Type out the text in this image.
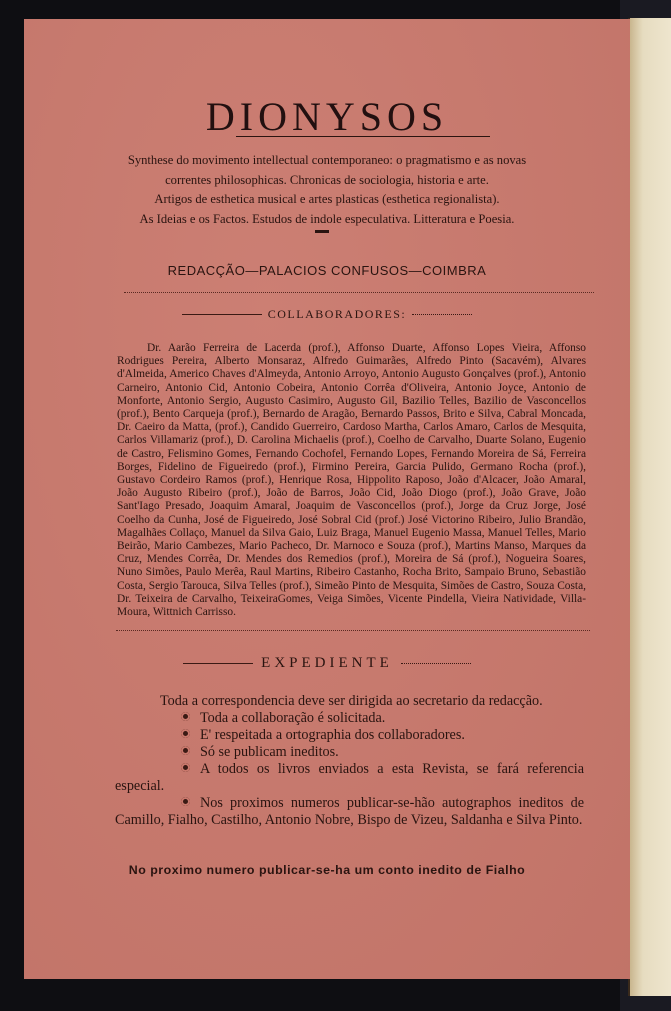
DIONYSOS
Synthese do movimento intellectual contemporaneo: o pragmatismo e as novas
correntes philosophicas. Chronicas de sociologia, historia e arte.
Artigos de esthetica musical e artes plasticas (esthetica regionalista).
As Ideias e os Factos. Estudos de indole especulativa. Litteratura e Poesia.
REDACÇÃO—PALACIOS CONFUSOS—COIMBRA
COLLABORADORES:

Dr. Aarão Ferreira de Lacerda (prof.), Affonso Duarte, Affonso Lopes Vieira, Affonso Rodrigues Pereira, Alberto Monsaraz, Alfredo Guimarães, Alfredo Pinto (Sacavém), Alvares d'Almeida, Americo Chaves d'Almeyda, Antonio Arroyo, Antonio Augusto Gonçalves (prof.), Antonio Carneiro, Antonio Cid, Antonio Cobeira, Antonio Corrêa d'Oliveira, Antonio Joyce, Antonio de Monforte, Antonio Sergio, Augusto Casimiro, Augusto Gil, Bazilio Telles, Bazilio de Vasconcellos (prof.), Bento Carqueja (prof.), Bernardo de Aragão, Bernardo Passos, Brito e Silva, Cabral Moncada, Dr. Caeiro da Matta, (prof.), Candido Guerreiro, Cardoso Martha, Carlos Amaro, Carlos de Mesquita, Carlos Villamariz (prof.), D. Carolina Michaelis (prof.), Coelho de Carvalho, Duarte Solano, Eugenio de Castro, Felismino Gomes, Fernando Cochofel, Fernando Lopes, Fernando Moreira de Sá, Ferreira Borges, Fidelino de Figueiredo (prof.), Firmino Pereira, Garcia Pulido, Germano Rocha (prof.), Gustavo Cordeiro Ramos (prof.), Henrique Rosa, Hippolito Raposo, João d'Alcacer, João Amaral, João Augusto Ribeiro (prof.), João de Barros, João Cid, João Diogo (prof.), João Grave, João Sant'Iago Presado, Joaquim Amaral, Joaquim de Vasconcellos (prof.), Jorge da Cruz Jorge, José Coelho da Cunha, José de Figueiredo, José Sobral Cid (prof.) José Victorino Ribeiro, Julio Brandão, Magalhães Collaço, Manuel da Silva Gaio, Luiz Braga, Manuel Eugenio Massa, Manuel Telles, Mario Beirão, Mario Cambezes, Mario Pacheco, Dr. Marnoco e Souza (prof.), Martins Manso, Marques da Cruz, Mendes Corrêa, Dr. Mendes dos Remedios (prof.), Moreira de Sá (prof.), Nogueira Soares, Nuno Simões, Paulo Merêa, Raul Martins, Ribeiro Castanho, Rocha Brito, Sampaio Bruno, Sebastião Costa, Sergio Tarouca, Silva Telles (prof.), Simeão Pinto de Mesquita, Simões de Castro, Souza Costa, Dr. Teixeira de Carvalho, TeixeiraGomes, Veiga Simões, Vicente Pindella, Vieira Natividade, Villa-Moura, Wittnich Carrisso.

EXPEDIENTE

Toda a correspondencia deve ser dirigida ao secretario da redacção.

Toda a collaboração é solicitada.

E' respeitada a ortographia dos collaboradores.

Só se publicam ineditos.

A todos os livros enviados a esta Revista, se fará referencia especial.

Nos proximos numeros publicar-se-hão autographos ineditos de Camillo, Fialho, Castilho, Antonio Nobre, Bispo de Vizeu, Saldanha e Silva Pinto.

No proximo numero publicar-se-ha um conto inedito de Fialho
